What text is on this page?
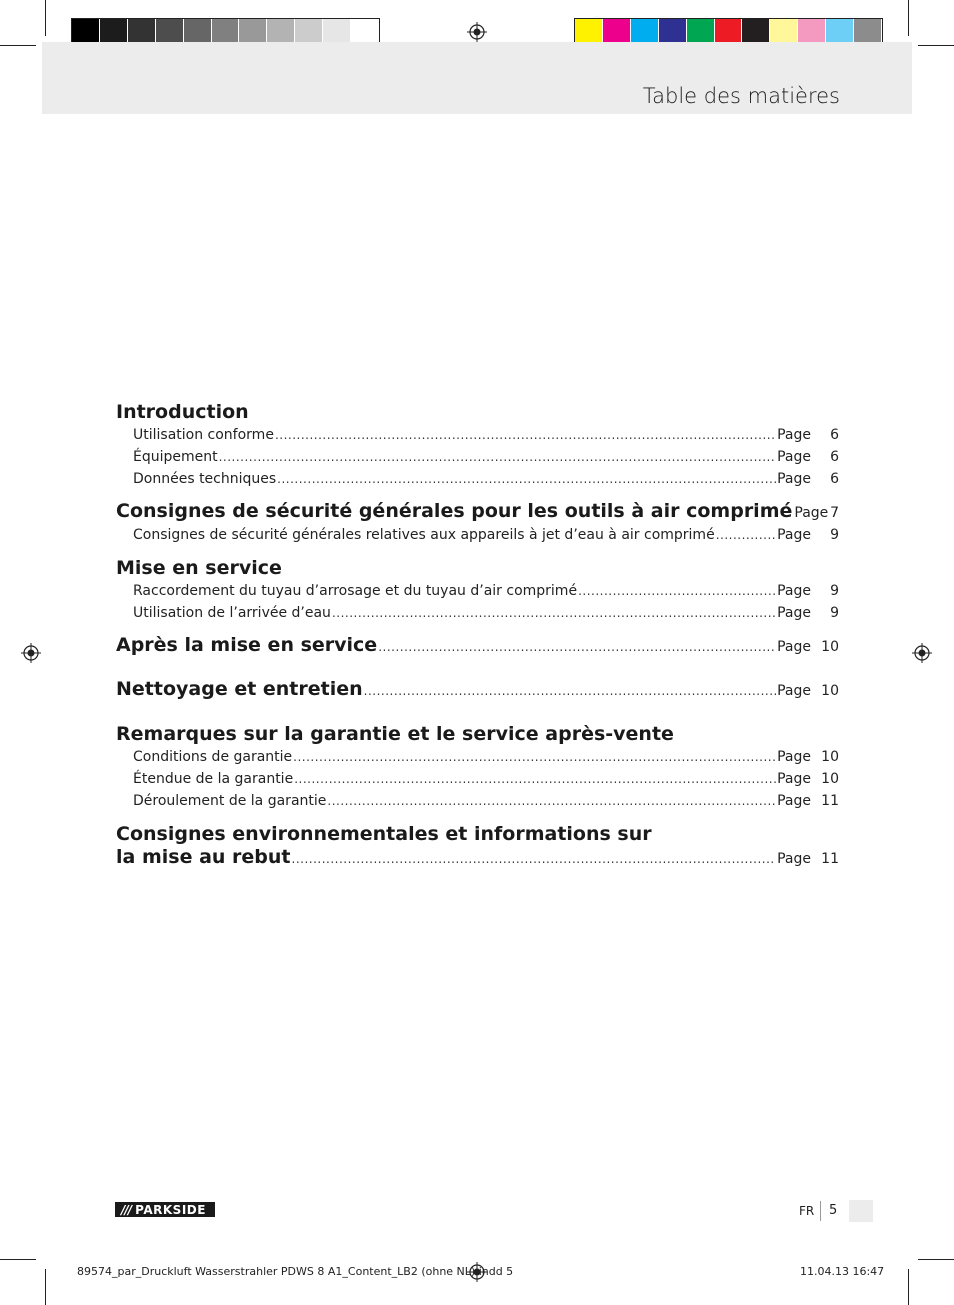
Table des matières
Introduction
Utilisation conforme .....	Page	6
Équipement .....	Page	6
Données techniques .....	Page	6
Consignes de sécurité générales pour les outils à air comprimé Page 7
Consignes de sécurité générales relatives aux appareils à jet d’eau à air comprimé .....	Page	9
Mise en service
Raccordement du tuyau d’arrosage et du tuyau d’air comprimé .....	Page	9
Utilisation de l’arrivée d’eau .....	Page	9
Après la mise en service .....	Page 10
Nettoyage et entretien .....	Page 10
Remarques sur la garantie et le service après-vente
Conditions de garantie .....	Page 10
Étendue de la garantie .....	Page 10
Déroulement de la garantie .....	Page 11
Consignes environnementales et informations sur
la mise au rebut .....	Page 11
/// PARKSIDE	FR 5
89574_par_Druckluft Wasserstrahler PDWS 8 A1_Content_LB2 (ohne NL).indd 5	11.04.13 16:47
